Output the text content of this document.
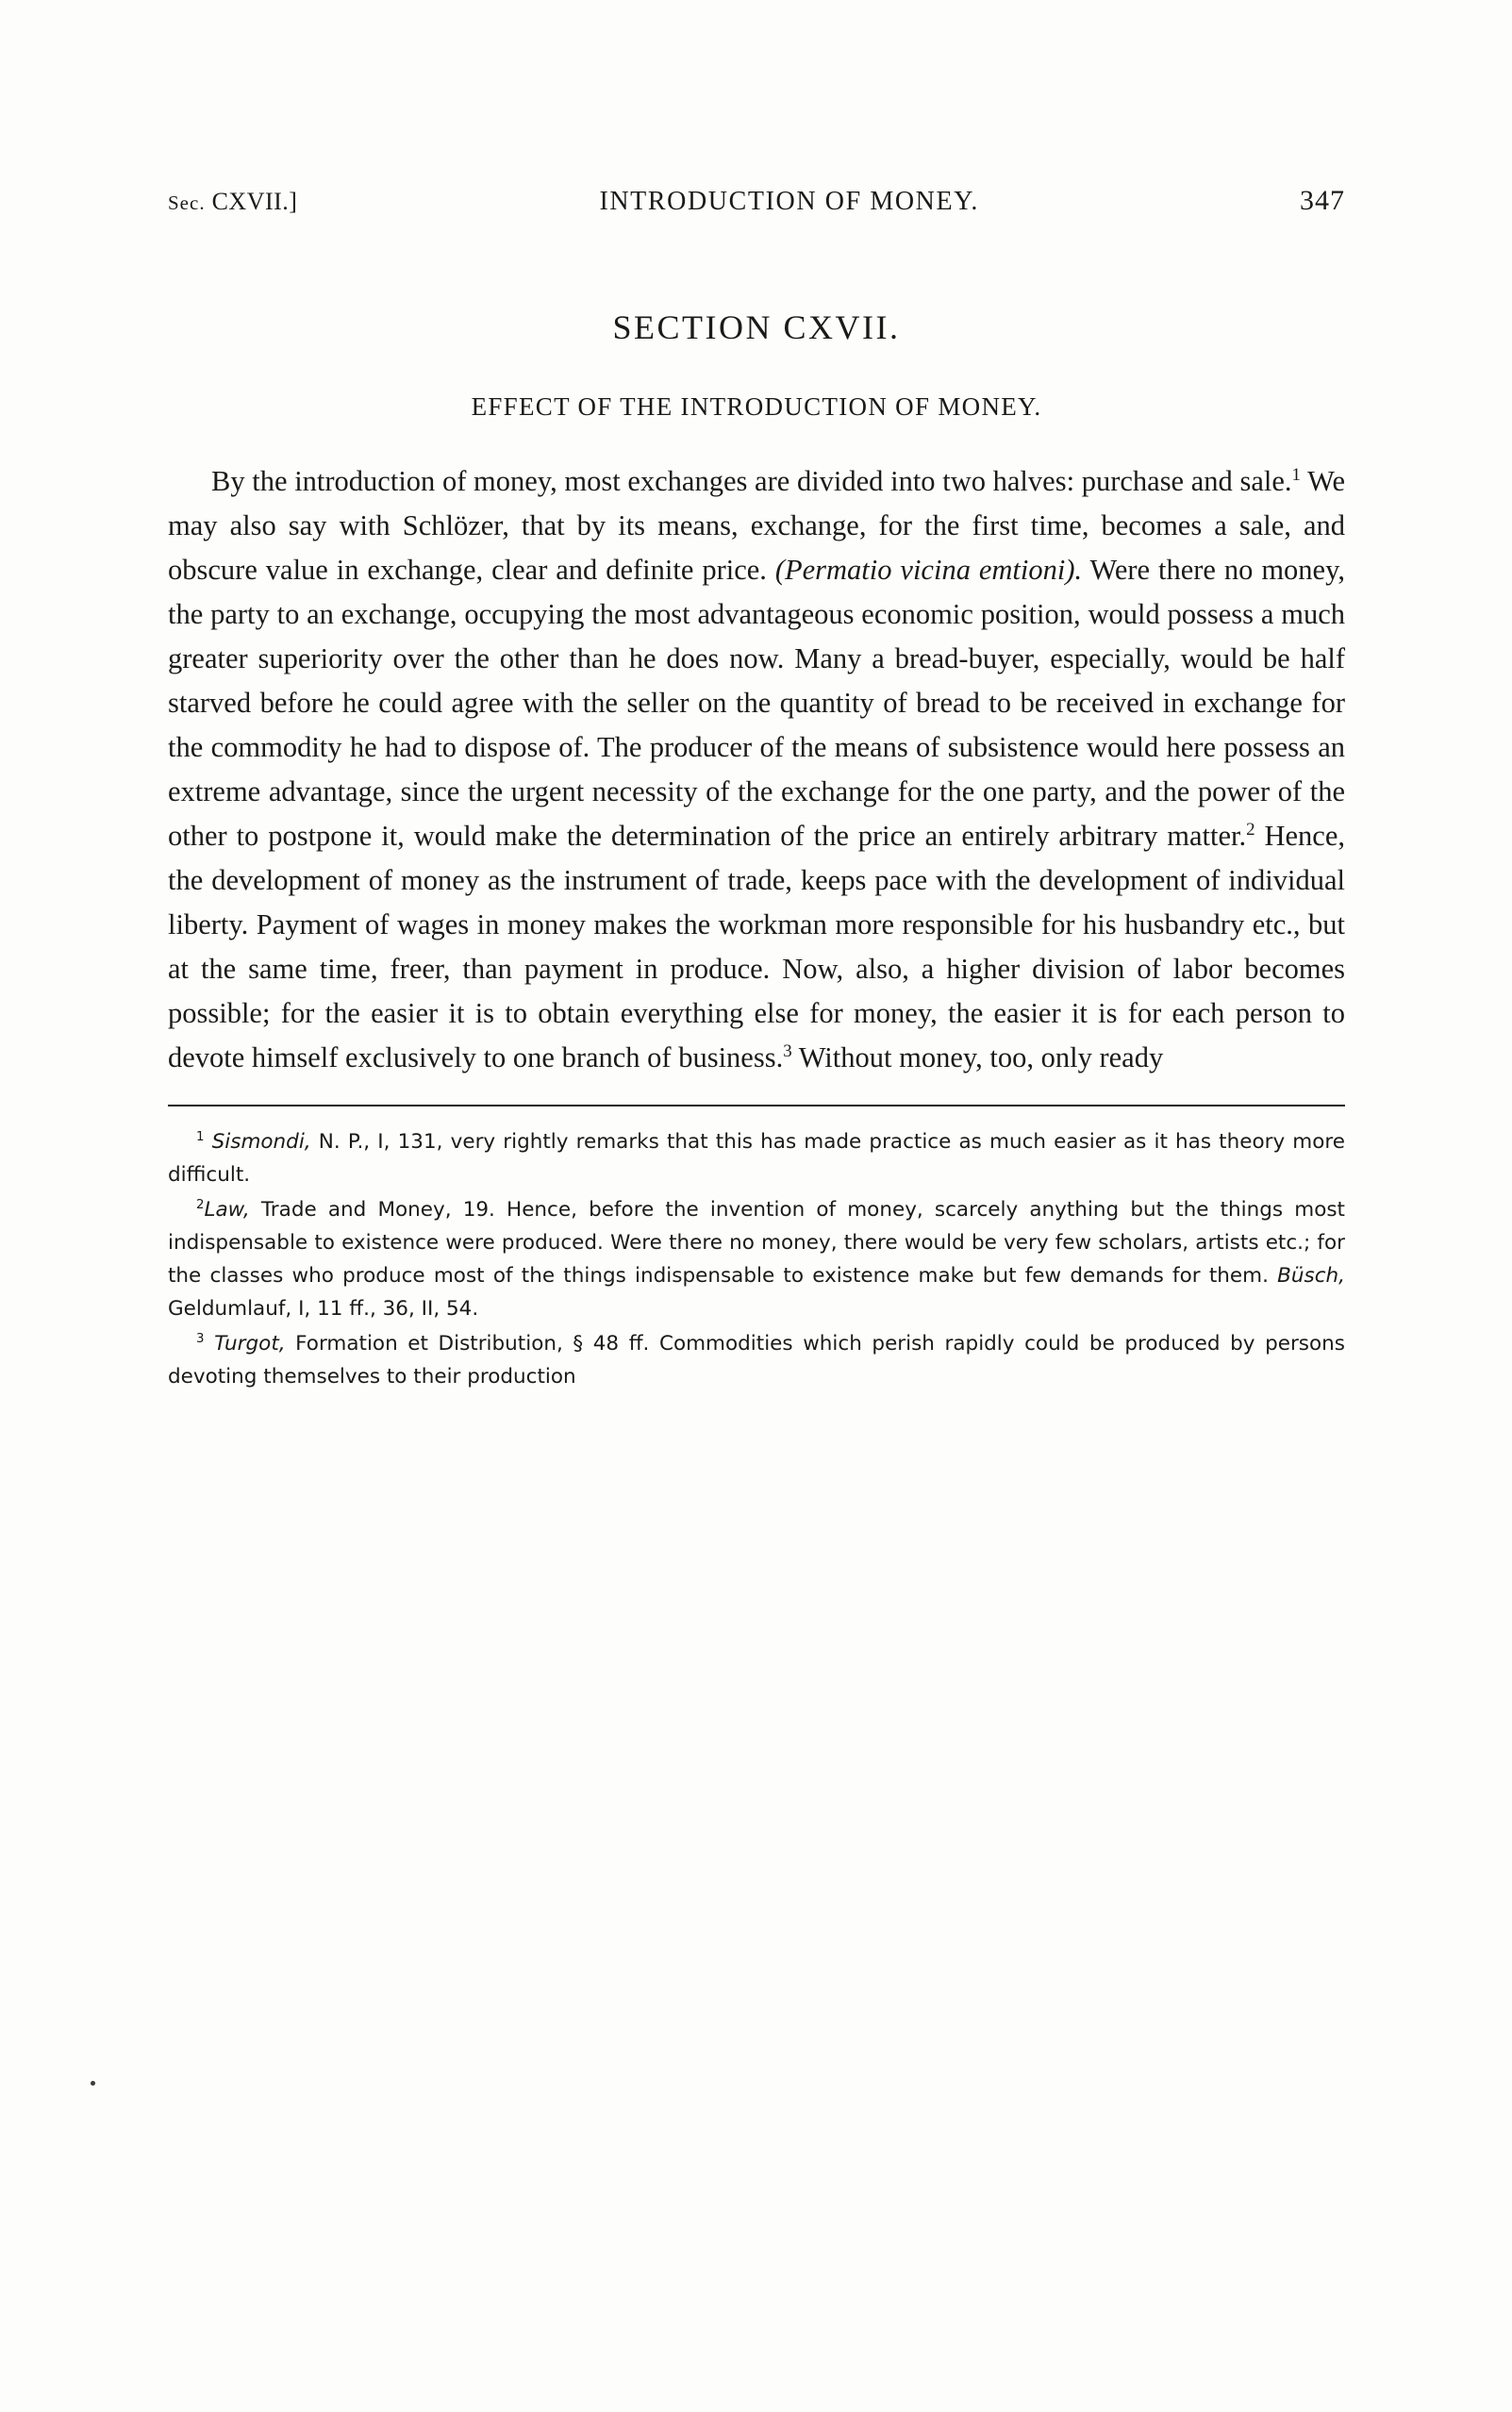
Sec. CXVII.]	INTRODUCTION OF MONEY.	347
SECTION CXVII.
EFFECT OF THE INTRODUCTION OF MONEY.
By the introduction of money, most exchanges are divided into two halves: purchase and sale.$^1$ We may also say with Schlözer, that by its means, exchange, for the first time, becomes a sale, and obscure value in exchange, clear and definite price. (Permatio vicina emtioni). Were there no money, the party to an exchange, occupying the most advantageous economic position, would possess a much greater superiority over the other than he does now. Many a bread-buyer, especially, would be half starved before he could agree with the seller on the quantity of bread to be received in exchange for the commodity he had to dispose of. The producer of the means of subsistence would here possess an extreme advantage, since the urgent necessity of the exchange for the one party, and the power of the other to postpone it, would make the determination of the price an entirely arbitrary matter.$^2$ Hence, the development of money as the instrument of trade, keeps pace with the development of individual liberty. Payment of wages in money makes the workman more responsible for his husbandry etc., but at the same time, freer, than payment in produce. Now, also, a higher division of labor becomes possible; for the easier it is to obtain everything else for money, the easier it is for each person to devote himself exclusively to one branch of business.$^3$ Without money, too, only ready
$^1$ Sismondi, N. P., I, 131, very rightly remarks that this has made practice as much easier as it has theory more difficult.
$^2$Law, Trade and Money, 19. Hence, before the invention of money, scarcely anything but the things most indispensable to existence were produced. Were there no money, there would be very few scholars, artists etc.; for the classes who produce most of the things indispensable to existence make but few demands for them. Büsch, Geldumlauf, I, 11 ff., 36, II, 54.
$^3$ Turgot, Formation et Distribution, § 48 ff. Commodities which perish rapidly could be produced by persons devoting themselves to their production
